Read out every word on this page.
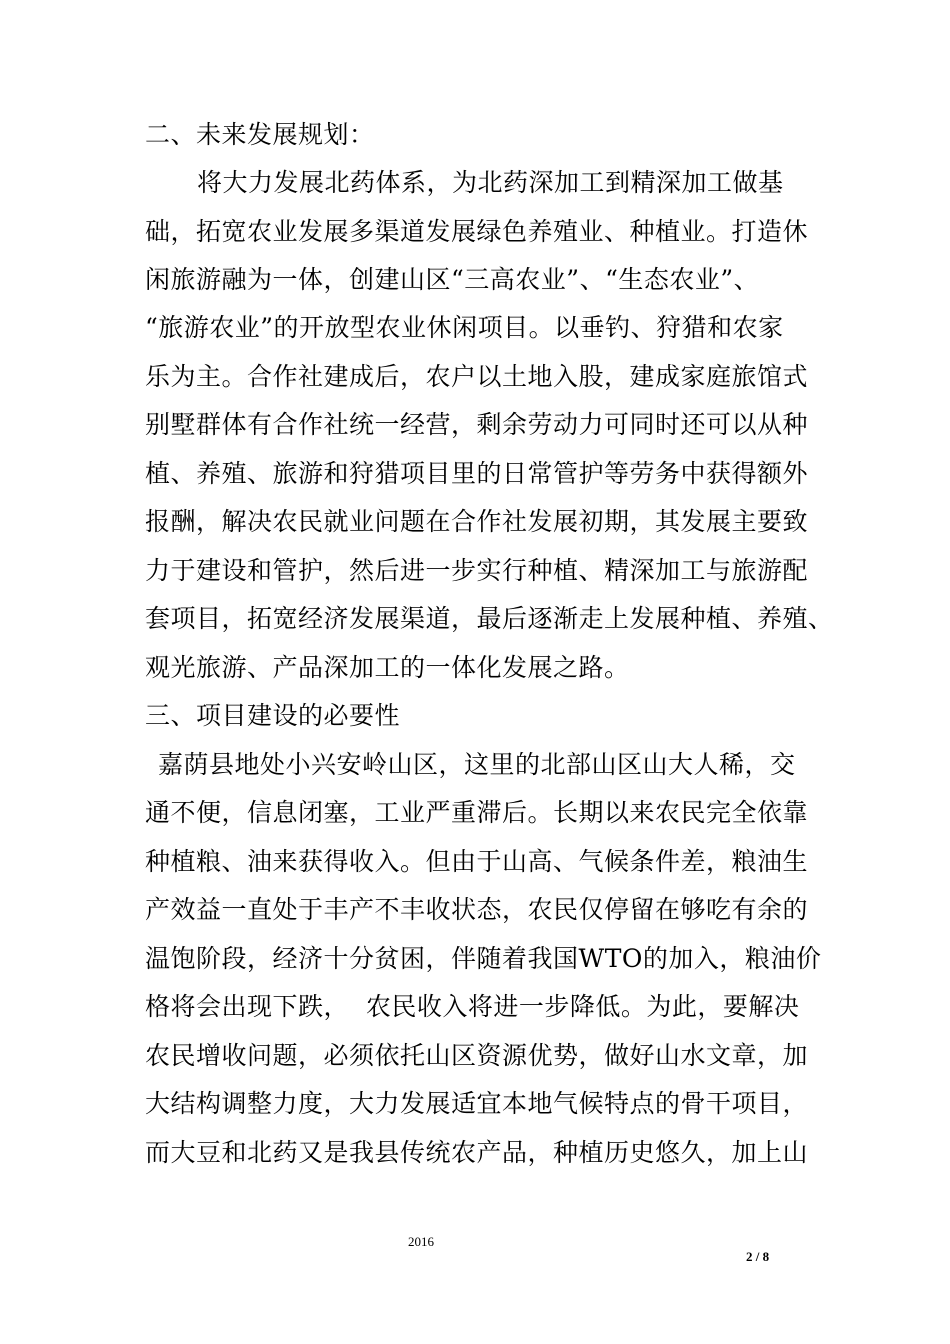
二、未来发展规划：
将大力发展北药体系，为北药深加工到精深加工做基
础，拓宽农业发展多渠道发展绿色养殖业、种植业。打造休
闲旅游融为一体，创建山区“三高农业”、“生态农业”、
“旅游农业”的开放型农业休闲项目。以垂钓、狩猎和农家
乐为主。合作社建成后，农户以土地入股，建成家庭旅馆式
别墅群体有合作社统一经营，剩余劳动力可同时还可以从种
植、养殖、旅游和狩猎项目里的日常管护等劳务中获得额外
报酬，解决农民就业问题在合作社发展初期，其发展主要致
力于建设和管护，然后进一步实行种植、精深加工与旅游配
套项目，拓宽经济发展渠道，最后逐渐走上发展种植、养殖、
观光旅游、产品深加工的一体化发展之路。
三、项目建设的必要性
嘉荫县地处小兴安岭山区，这里的北部山区山大人稀，交
通不便，信息闭塞，工业严重滞后。长期以来农民完全依靠
种植粮、油来获得收入。但由于山高、气候条件差，粮油生
产效益一直处于丰产不丰收状态，农民仅停留在够吃有余的
温饱阶段，经济十分贫困，伴随着我国WTO的加入，粮油价
格将会出现下跌，  农民收入将进一步降低。为此，要解决
农民增收问题，必须依托山区资源优势，做好山水文章，加
大结构调整力度，大力发展适宜本地气候特点的骨干项目，
而大豆和北药又是我县传统农产品，种植历史悠久，加上山
2016
2 / 8
